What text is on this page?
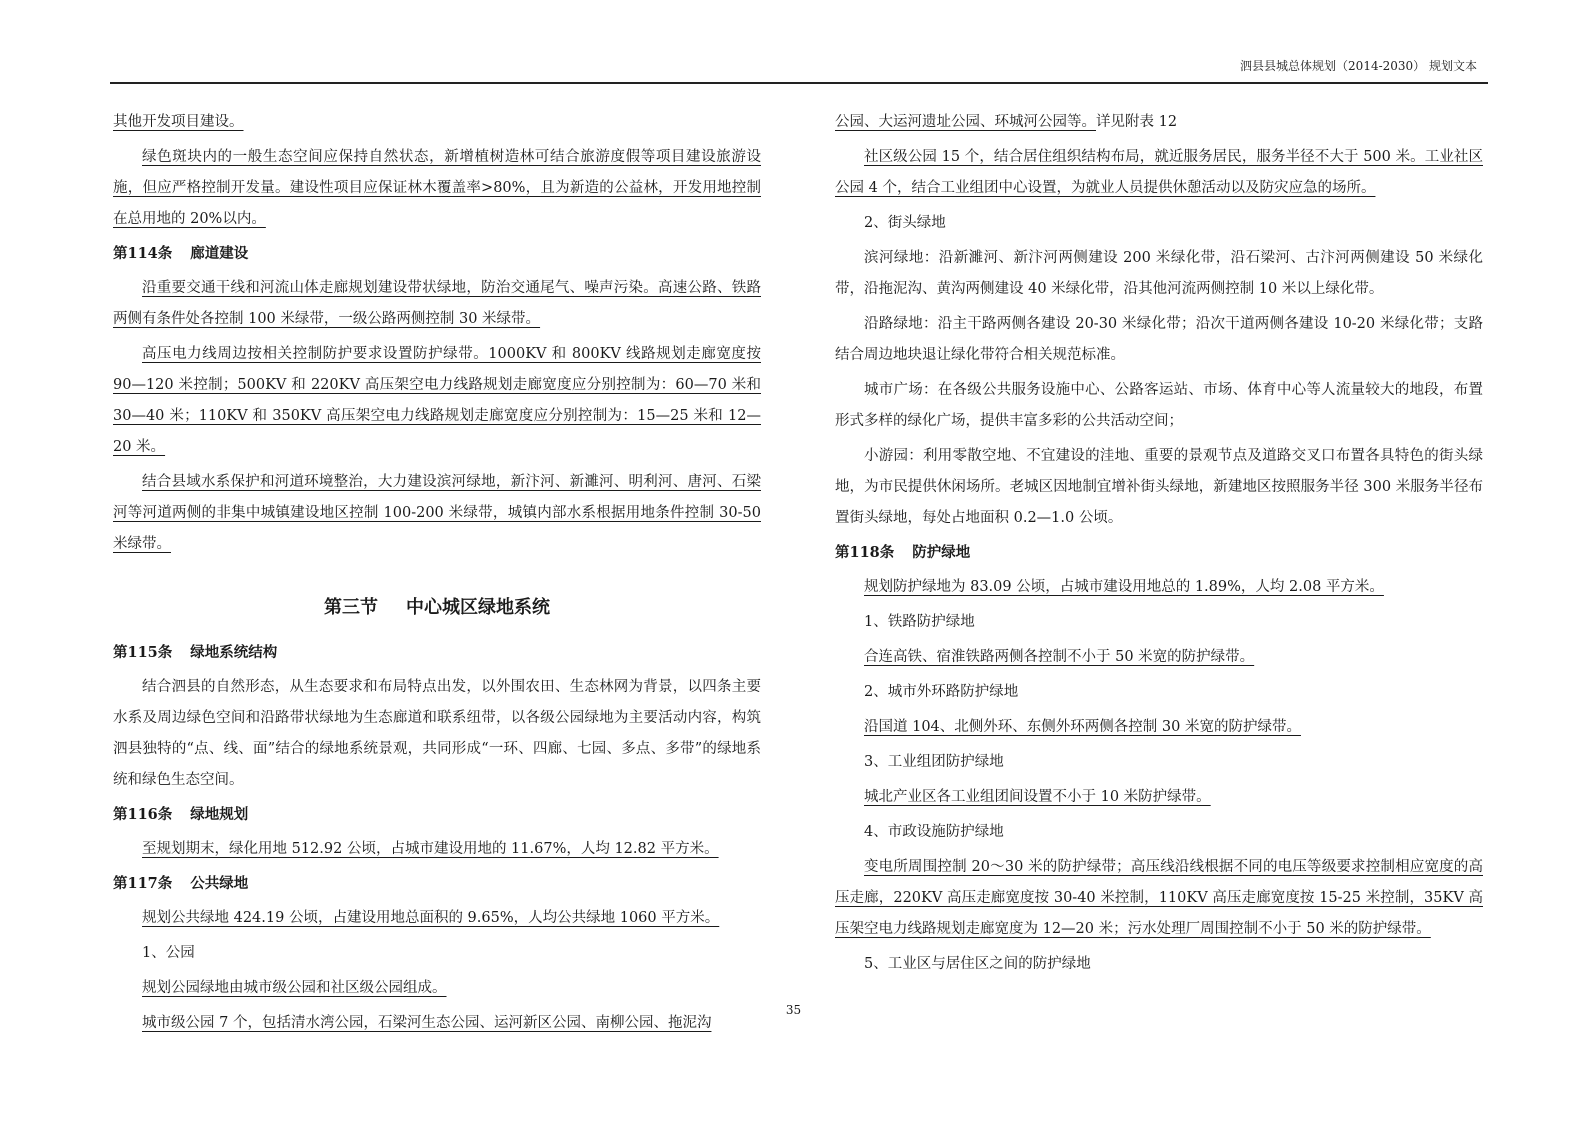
泗县县城总体规划（2014-2030） 规划文本

其他开发项目建设。

绿色斑块内的一般生态空间应保持自然状态，新增植树造林可结合旅游度假等项目建设旅游设施，但应严格控制开发量。建设性项目应保证林木覆盖率>80%，且为新造的公益林，开发用地控制在总用地的 20%以内。

第114条 廊道建设

沿重要交通干线和河流山体走廊规划建设带状绿地，防治交通尾气、噪声污染。高速公路、铁路两侧有条件处各控制 100 米绿带，一级公路两侧控制 30 米绿带。

高压电力线周边按相关控制防护要求设置防护绿带。1000KV 和 800KV 线路规划走廊宽度按 90—120 米控制；500KV 和 220KV 高压架空电力线路规划走廊宽度应分别控制为：60—70 米和 30—40 米；110KV 和 350KV 高压架空电力线路规划走廊宽度应分别控制为：15—25 米和 12—20 米。

结合县域水系保护和河道环境整治，大力建设滨河绿地，新汴河、新濉河、明利河、唐河、石梁河等河道两侧的非集中城镇建设地区控制 100-200 米绿带，城镇内部水系根据用地条件控制 30-50 米绿带。

第三节 中心城区绿地系统
第115条 绿地系统结构

结合泗县的自然形态，从生态要求和布局特点出发，以外围农田、生态林网为背景，以四条主要水系及周边绿色空间和沿路带状绿地为生态廊道和联系纽带，以各级公园绿地为主要活动内容，构筑泗县独特的“点、线、面”结合的绿地系统景观，共同形成“一环、四廊、七园、多点、多带”的绿地系统和绿色生态空间。

第116条 绿地规划

至规划期末，绿化用地 512.92 公顷，占城市建设用地的 11.67%，人均 12.82 平方米。

第117条 公共绿地

规划公共绿地 424.19 公顷，占建设用地总面积的 9.65%，人均公共绿地 1060 平方米。

1、公园

规划公园绿地由城市级公园和社区级公园组成。

城市级公园 7 个，包括清水湾公园，石梁河生态公园、运河新区公园、南柳公园、拖泥沟

公园、大运河遗址公园、环城河公园等。详见附表 12

社区级公园 15 个，结合居住组织结构布局，就近服务居民，服务半径不大于 500 米。工业社区公园 4 个，结合工业组团中心设置，为就业人员提供休憩活动以及防灾应急的场所。

2、街头绿地

滨河绿地：沿新濉河、新汴河两侧建设 200 米绿化带，沿石梁河、古汴河两侧建设 50 米绿化带，沿拖泥沟、黄沟两侧建设 40 米绿化带，沿其他河流两侧控制 10 米以上绿化带。

沿路绿地：沿主干路两侧各建设 20-30 米绿化带；沿次干道两侧各建设 10-20 米绿化带；支路结合周边地块退让绿化带符合相关规范标准。

城市广场：在各级公共服务设施中心、公路客运站、市场、体育中心等人流量较大的地段，布置形式多样的绿化广场，提供丰富多彩的公共活动空间；

小游园：利用零散空地、不宜建设的洼地、重要的景观节点及道路交叉口布置各具特色的街头绿地，为市民提供休闲场所。老城区因地制宜增补街头绿地，新建地区按照服务半径 300 米服务半径布置街头绿地，每处占地面积 0.2—1.0 公顷。

第118条 防护绿地

规划防护绿地为 83.09 公顷，占城市建设用地总的 1.89%，人均 2.08 平方米。

1、铁路防护绿地

合连高铁、宿淮铁路两侧各控制不小于 50 米宽的防护绿带。

2、城市外环路防护绿地

沿国道 104、北侧外环、东侧外环两侧各控制 30 米宽的防护绿带。

3、工业组团防护绿地

城北产业区各工业组团间设置不小于 10 米防护绿带。

4、市政设施防护绿地

变电所周围控制 20～30 米的防护绿带；高压线沿线根据不同的电压等级要求控制相应宽度的高压走廊，220KV 高压走廊宽度按 30-40 米控制，110KV 高压走廊宽度按 15-25 米控制，35KV 高压架空电力线路规划走廊宽度为 12—20 米；污水处理厂周围控制不小于 50 米的防护绿带。

5、工业区与居住区之间的防护绿地

35
